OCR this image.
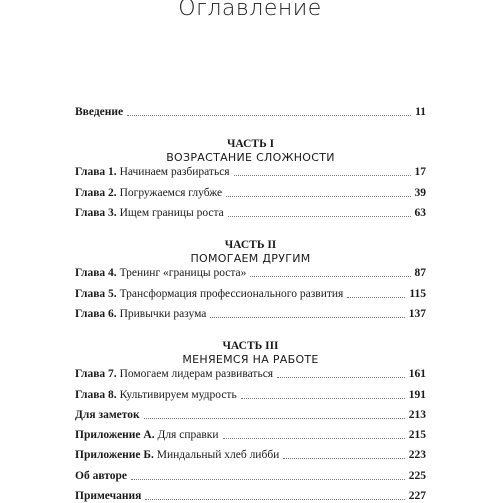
Оглавление
Введение	11
Глава 1. Начинаем разбираться	17
Глава 2. Погружаемся глубже	39
Глава 3. Ищем границы роста	63
Глава 4. Тренинг «границы роста»	87
Глава 5. Трансформация профессионального развития	115
Глава 6. Привычки разума	137
Глава 7. Помогаем лидерам развиваться	161
Глава 8. Культивируем мудрость	191
Для заметок	213
Приложение А. Для справки	215
Приложение Б. Миндальный хлеб либби	223
Об авторе	225
Примечания	227
ЧАСТЬ I
ВОЗРАСТАНИЕ СЛОЖНОСТИ
ЧАСТЬ II
ПОМОГАЕМ ДРУГИМ
ЧАСТЬ III
МЕНЯЕМСЯ НА РАБОТЕ
